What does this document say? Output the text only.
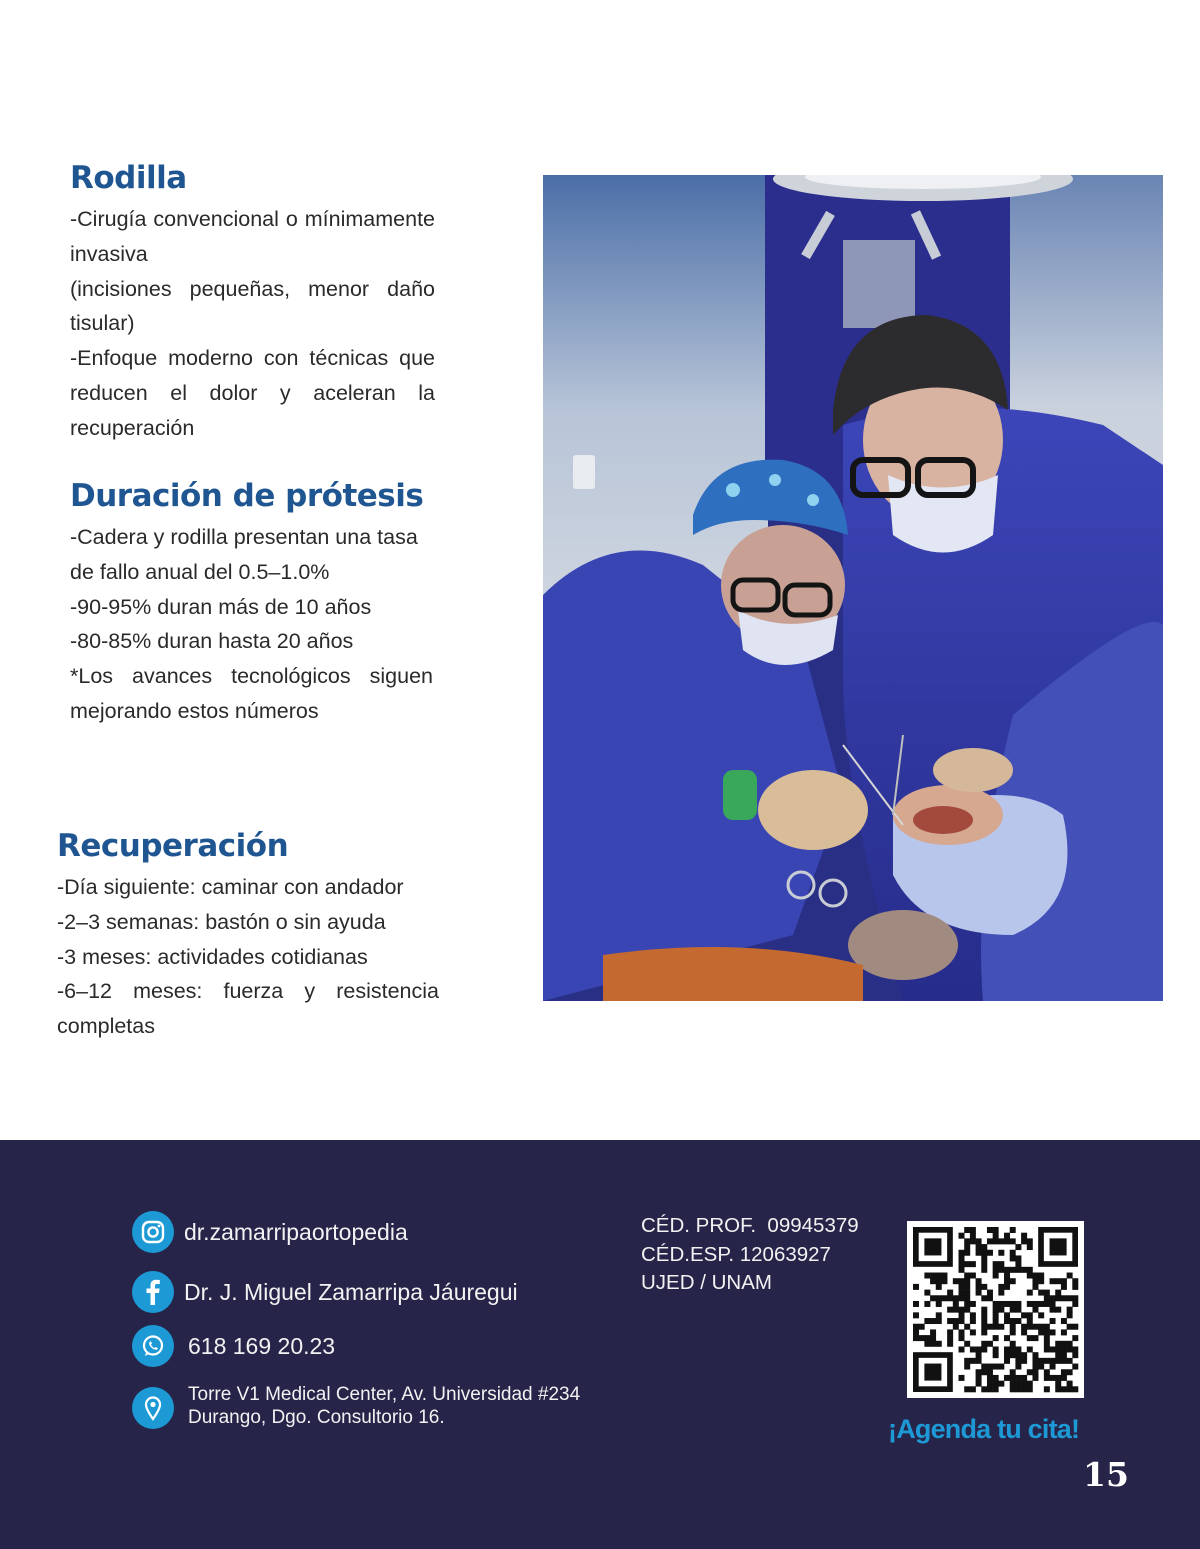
Rodilla
-Cirugía convencional o mínimamente
invasiva
(incisiones pequeñas, menor daño
tisular)
-Enfoque moderno con técnicas que
reducen el dolor y aceleran la
recuperación
Duración de prótesis
-Cadera y rodilla presentan una tasa
de fallo anual del 0.5–1.0%
-90-95% duran más de 10 años
-80-85% duran hasta 20 años
*Los avances tecnológicos siguen
mejorando estos números
Recuperación
-Día siguiente: caminar con andador
-2–3 semanas: bastón o sin ayuda
-3 meses: actividades cotidianas
-6–12 meses: fuerza y resistencia
completas
dr.zamarripaortopedia
Dr. J. Miguel Zamarripa Jáuregui
618 169 20.23
Torre V1 Medical Center, Av. Universidad #234
Durango, Dgo. Consultorio 16.
CÉD. PROF.  09945379
CÉD.ESP. 12063927
UJED / UNAM
¡Agenda tu cita!
15
